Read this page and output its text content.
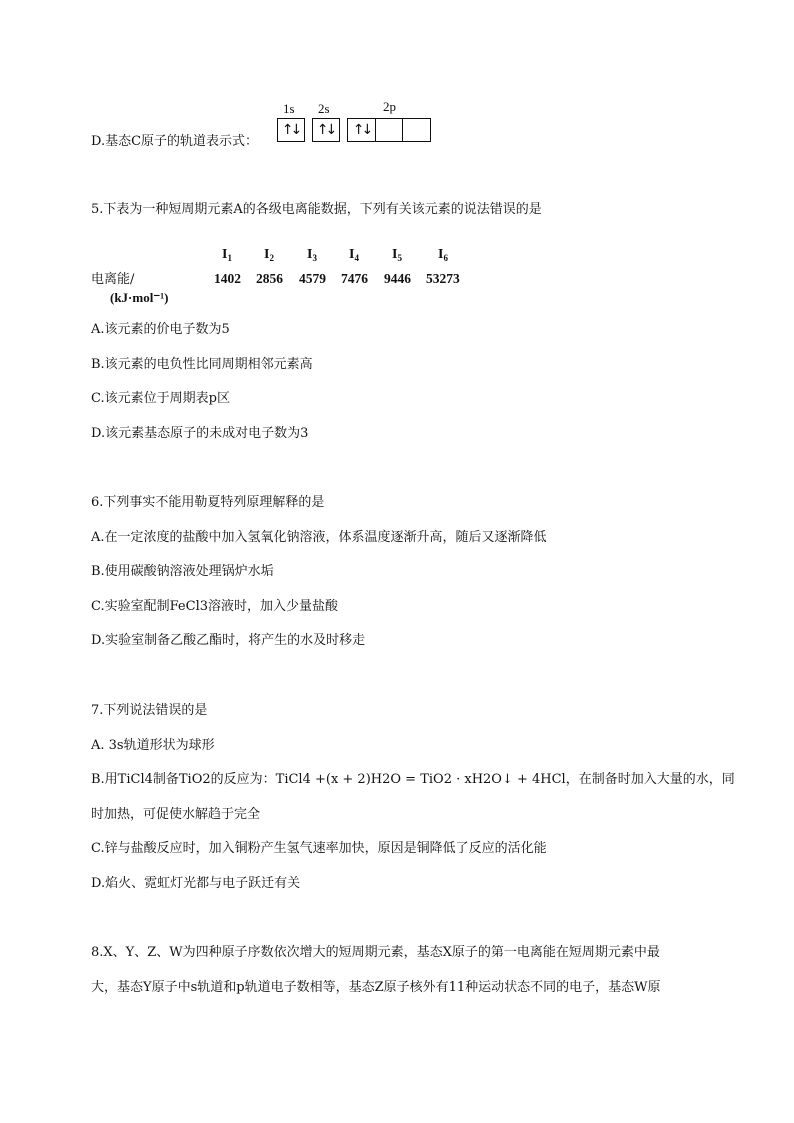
D.基态C原子的轨道表示式：
1s 2s	2p
↑↓ ↑↓	↑↓
5.下表为一种短周期元素A的各级电离能数据，下列有关该元素的说法错误的是
$I_1$ $I_2$ $I_3$ $I_4$ $I_5$	$I_6$
电离能/
(kJ·mol⁻¹)
1402 2856 4579 7476 9446 53273
A.该元素的价电子数为5
B.该元素的电负性比同周期相邻元素高
C.该元素位于周期表p区
D.该元素基态原子的未成对电子数为3
6.下列事实不能用勒夏特列原理解释的是
A.在一定浓度的盐酸中加入氢氧化钠溶液，体系温度逐渐升高，随后又逐渐降低
B.使用碳酸钠溶液处理锅炉水垢
C.实验室配制FeCl3溶液时，加入少量盐酸
D.实验室制备乙酸乙酯时，将产生的水及时移走
7.下列说法错误的是
A. 3s轨道形状为球形
B.用TiCl4制备TiO2的反应为：TiCl4 +(x + 2)H2O = TiO2 · xH2O↓ + 4HCl，在制备时加入大量的水，同
时加热，可促使水解趋于完全
C.锌与盐酸反应时，加入铜粉产生氢气速率加快，原因是铜降低了反应的活化能
D.焰火、霓虹灯光都与电子跃迁有关
8.X、Y、Z、W为四种原子序数依次增大的短周期元素，基态X原子的第一电离能在短周期元素中最
大，基态Y原子中s轨道和p轨道电子数相等，基态Z原子核外有11种运动状态不同的电子，基态W原
